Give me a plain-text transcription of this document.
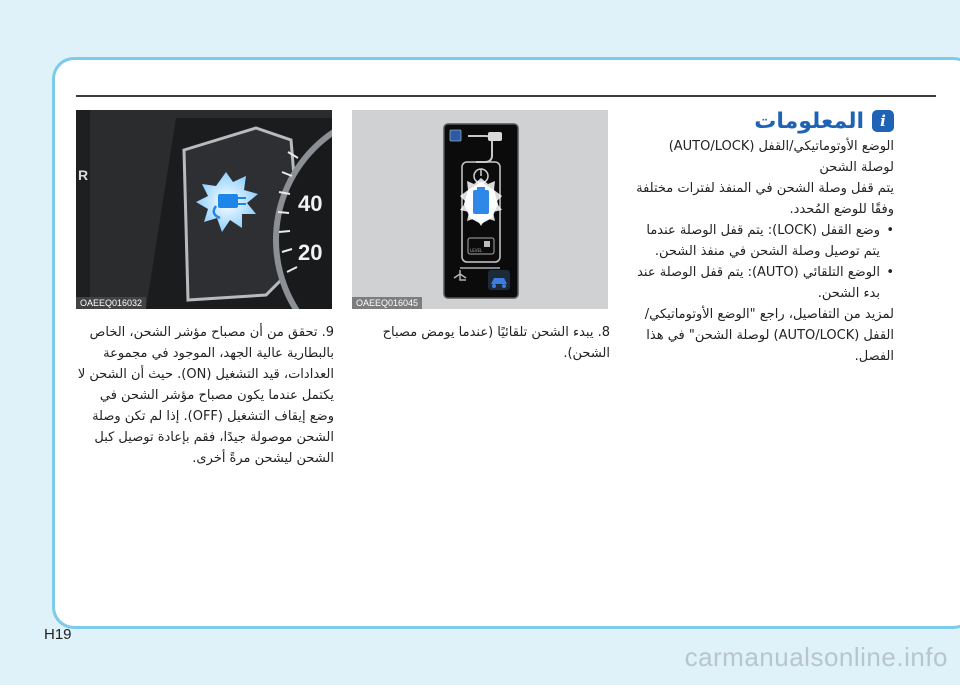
i
المعلومات

الوضع الأوتوماتيكي/القفل (AUTO/LOCK)

لوصلة الشحن

يتم قفل وصلة الشحن في المنفذ لفترات مختلفة

وفقًا للوضع المُحدد.

• وضع القفل (LOCK): يتم قفل الوصلة عندما يتم توصيل وصلة الشحن في منفذ الشحن.
• الوضع التلقائي (AUTO): يتم قفل الوصلة عند بدء الشحن.

لمزيد من التفاصيل، راجع "الوضع الأوتوماتيكي/القفل (AUTO/LOCK) لوصلة الشحن" في هذا الفصل.

LEVEL
OAEEQ016045
40
20
R
OAEEQ016032

8. يبدء الشحن تلقائيًا (عندما يومض مصباح الشحن).

9. تحقق من أن مصباح مؤشر الشحن، الخاص بالبطارية عالية الجهد، الموجود في مجموعة العدادات، قيد التشغيل (ON). حيث أن الشحن لا يكتمل عندما يكون مصباح مؤشر الشحن في وضع إيقاف التشغيل (OFF). إذا لم تكن وصلة الشحن موصولة جيدًا، فقم بإعادة توصيل كبل الشحن ليشحن مرةً أخرى.

H19
carmanualsonline.info
